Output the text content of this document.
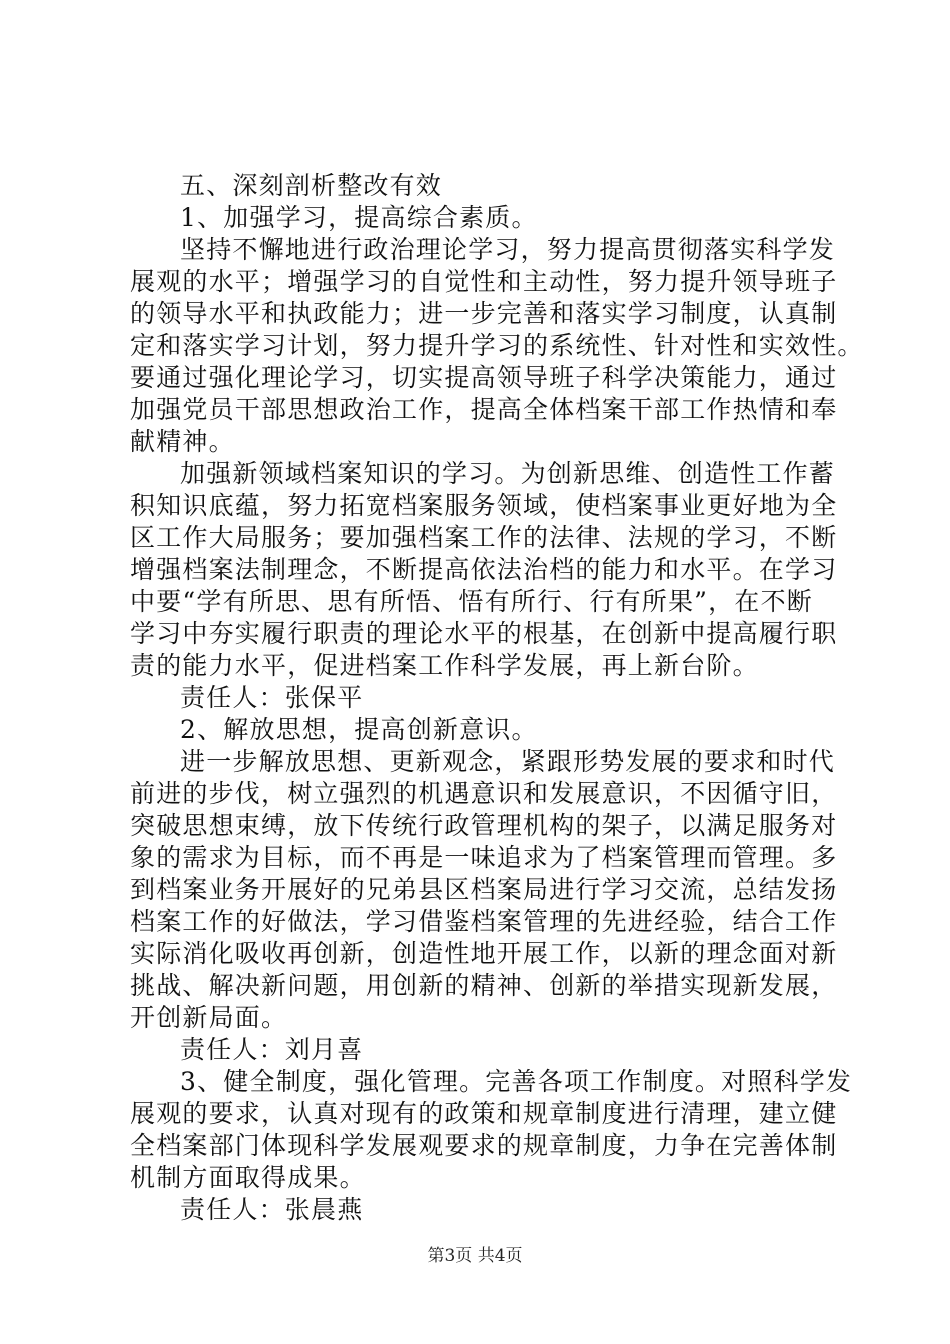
五、深刻剖析整改有效
1、加强学习，提高综合素质。
坚持不懈地进行政治理论学习，努力提高贯彻落实科学发
展观的水平；增强学习的自觉性和主动性，努力提升领导班子
的领导水平和执政能力；进一步完善和落实学习制度，认真制
定和落实学习计划，努力提升学习的系统性、针对性和实效性。
要通过强化理论学习，切实提高领导班子科学决策能力，通过
加强党员干部思想政治工作，提高全体档案干部工作热情和奉
献精神。
加强新领域档案知识的学习。为创新思维、创造性工作蓄
积知识底蕴，努力拓宽档案服务领域，使档案事业更好地为全
区工作大局服务；要加强档案工作的法律、法规的学习，不断
增强档案法制理念，不断提高依法治档的能力和水平。在学习
中要“学有所思、思有所悟、悟有所行、行有所果”，在不断
学习中夯实履行职责的理论水平的根基，在创新中提高履行职
责的能力水平，促进档案工作科学发展，再上新台阶。
责任人：张保平
2、解放思想，提高创新意识。
进一步解放思想、更新观念，紧跟形势发展的要求和时代
前进的步伐，树立强烈的机遇意识和发展意识，不因循守旧，
突破思想束缚，放下传统行政管理机构的架子，以满足服务对
象的需求为目标，而不再是一味追求为了档案管理而管理。多
到档案业务开展好的兄弟县区档案局进行学习交流，总结发扬
档案工作的好做法，学习借鉴档案管理的先进经验，结合工作
实际消化吸收再创新，创造性地开展工作，以新的理念面对新
挑战、解决新问题，用创新的精神、创新的举措实现新发展，
开创新局面。
责任人：刘月喜
3、健全制度，强化管理。完善各项工作制度。对照科学发
展观的要求，认真对现有的政策和规章制度进行清理，建立健
全档案部门体现科学发展观要求的规章制度，力争在完善体制
机制方面取得成果。
责任人：张晨燕
第3页 共4页
